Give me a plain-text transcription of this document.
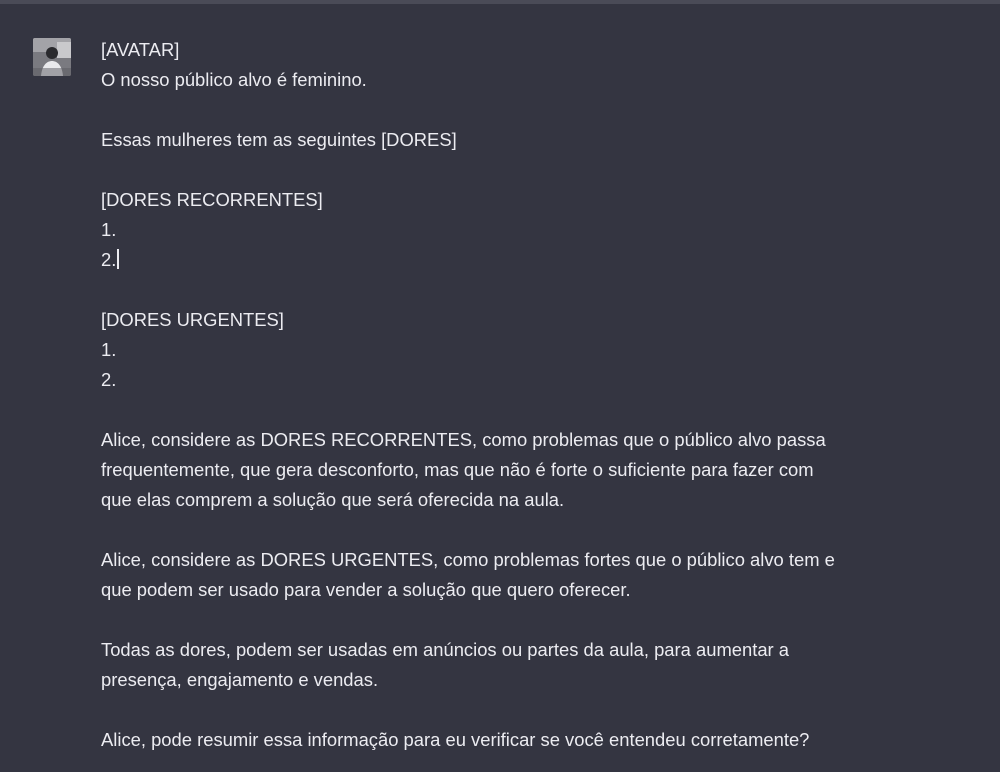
[AVATAR]
O nosso público alvo é feminino.
Essas mulheres tem as seguintes [DORES]
[DORES RECORRENTES]
1.
2.
[DORES URGENTES]
1.
2.
Alice, considere as DORES RECORRENTES, como problemas que o público alvo passa
frequentemente, que gera desconforto, mas que não é forte o suficiente para fazer com
que elas comprem a solução que será oferecida na aula.
Alice, considere as DORES URGENTES, como problemas fortes que o público alvo tem e
que podem ser usado para vender a solução que quero oferecer.
Todas as dores, podem ser usadas em anúncios ou partes da aula, para aumentar a
presença, engajamento e vendas.
Alice, pode resumir essa informação para eu verificar se você entendeu corretamente?
